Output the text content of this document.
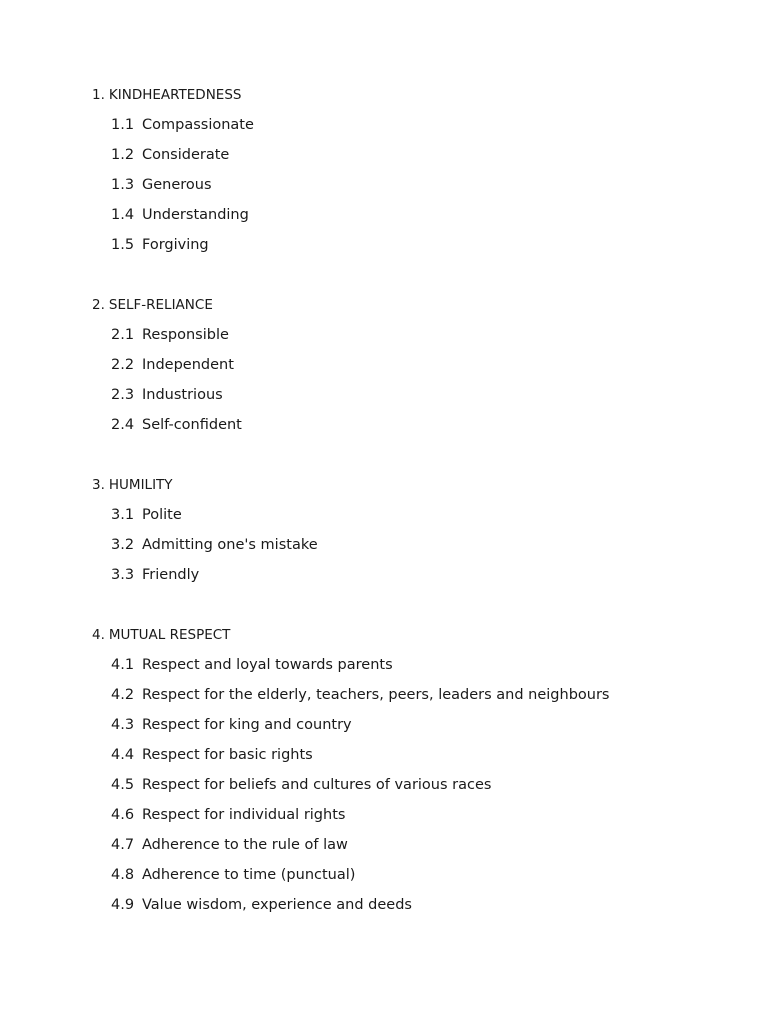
1. KINDHEARTEDNESS
1.1 Compassionate
1.2 Considerate
1.3 Generous
1.4 Understanding
1.5 Forgiving
2. SELF-RELIANCE
2.1 Responsible
2.2 Independent
2.3 Industrious
2.4 Self-confident
3. HUMILITY
3.1 Polite
3.2 Admitting one's mistake
3.3 Friendly
4. MUTUAL RESPECT
4.1 Respect and loyal towards parents
4.2 Respect for the elderly, teachers, peers, leaders and neighbours
4.3 Respect for king and country
4.4 Respect for basic rights
4.5 Respect for beliefs and cultures of various races
4.6 Respect for individual rights
4.7 Adherence to the rule of law
4.8 Adherence to time (punctual)
4.9 Value wisdom, experience and deeds
